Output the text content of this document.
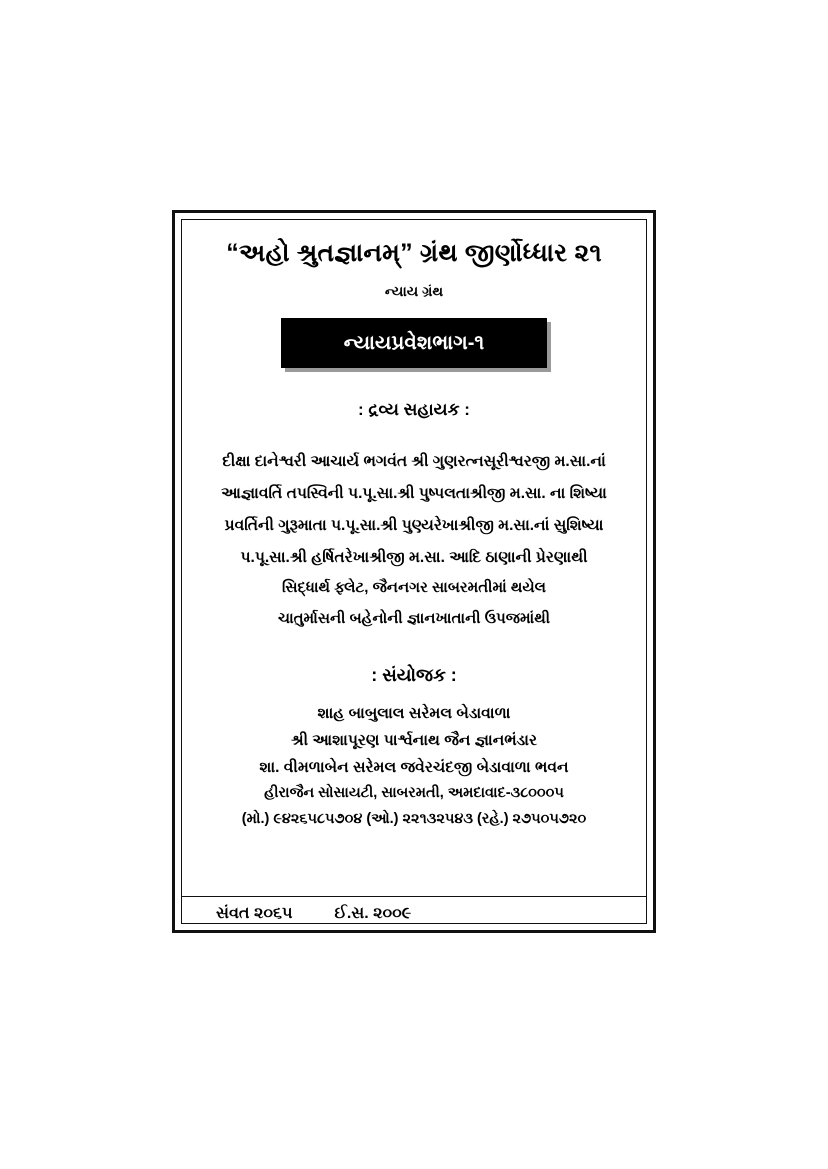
“અહો શ્રુતજ્ઞાનમ્” ગ્રંથ જીર્ણોધ્ધાર ૨૧
ન્યાય ગ્રંથ
ન્યાયપ્રવેશભાગ-૧
: દ્રવ્ય સહાયક :
દીક્ષા દાનેશ્વરી આચાર્ય ભગવંત શ્રી ગુણરત્નસૂરીશ્વરજી મ.સા.નાં
આજ્ઞાવર્તિ તપસ્વિની પ.પૂ.સા.શ્રી પુષ્પલતાશ્રીજી મ.સા. ના શિષ્યા
પ્રવર્તિની ગુરૂમાતા પ.પૂ.સા.શ્રી પુણ્યરેખાશ્રીજી મ.સા.નાં સુશિષ્યા
પ.પૂ.સા.શ્રી હર્ષિતરેખાશ્રીજી મ.સા. આદિ ઠાણાની પ્રેરણાથી
સિદ્ધાર્થ ફ્લેટ, જૈનનગર સાબરમતીમાં થયેલ
ચાતુર્માસની બહેનોની જ્ઞાનખાતાની ઉપજમાંથી
: સંયોજક :
શાહ બાબુલાલ સરેમલ બેડાવાળા
શ્રી આશાપૂરણ પાર્શ્વનાથ જૈન જ્ઞાનભંડાર
શા. વીમળાબેન સરેમલ જવેરચંદજી બેડાવાળા ભવન
હીરાજૈન સોસાયટી, સાબરમતી, અમદાવાદ-૩૮૦૦૦૫
(મો.) ૯૪૨૬૫૮૫૭૦૪ (ઓ.) ૨૨૧૩૨૫૪૩ (રહે.) ૨૭૫૦૫૭૨૦
સંવત ૨૦૬૫	ઈ.સ. ૨૦૦૯
